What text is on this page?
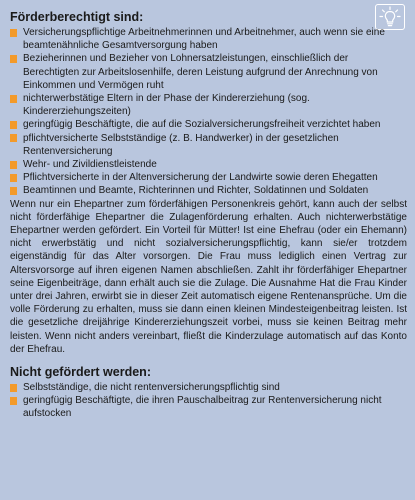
Förderberechtigt sind:
Versicherungspflichtige Arbeitnehmerinnen und Arbeitnehmer, auch wenn sie eine beamtenähnliche Gesamtversorgung haben
Bezieherinnen und Bezieher von Lohnersatzleistungen, einschließlich der Berechtigten zur Arbeitslosenhilfe, deren Leistung aufgrund der Anrechnung von Einkommen und Vermögen ruht
nichterwerbstätige Eltern in der Phase der Kindererziehung (sog. Kindererziehungszeiten)
geringfügig Beschäftigte, die auf die Sozialversicherungsfreiheit verzichtet haben
pflichtversicherte Selbstständige (z. B. Handwerker) in der gesetzlichen Rentenversicherung
Wehr- und Zivildienstleistende
Pflichtversicherte in der Altenversicherung der Landwirte sowie deren Ehegatten
Beamtinnen und Beamte, Richterinnen und Richter, Soldatinnen und Soldaten

Wenn nur ein Ehepartner zum förderfähigen Personenkreis gehört, kann auch der selbst nicht förderfähige Ehepartner die Zulagenförderung erhalten. Auch nichterwerbstätige Ehepartner werden gefördert. Ein Vorteil für Mütter! Ist eine Ehefrau (oder ein Ehemann) nicht erwerbstätig und nicht sozialversicherungspflichtig, kann sie/er trotzdem eigenständig für das Alter vorsorgen. Die Frau muss lediglich einen Vertrag zur Altersvorsorge auf ihren eigenen Namen abschließen. Zahlt ihr förderfähiger Ehepartner seine Eigenbeiträge, dann erhält auch sie die Zulage. Die Ausnahme Hat die Frau Kinder unter drei Jahren, erwirbt sie in dieser Zeit automatisch eigene Rentenansprüche. Um die volle Förderung zu erhalten, muss sie dann einen kleinen Mindesteigenbeitrag leisten. Ist die gesetzliche dreijährige Kindererziehungszeit vorbei, muss sie keinen Beitrag mehr leisten. Wenn nicht anders vereinbart, fließt die Kinderzulage automatisch auf das Konto der Ehefrau.

Nicht gefördert werden:
Selbstständige, die nicht rentenversicherungspflichtig sind
geringfügig Beschäftigte, die ihren Pauschalbeitrag zur Rentenversicherung nicht aufstocken
